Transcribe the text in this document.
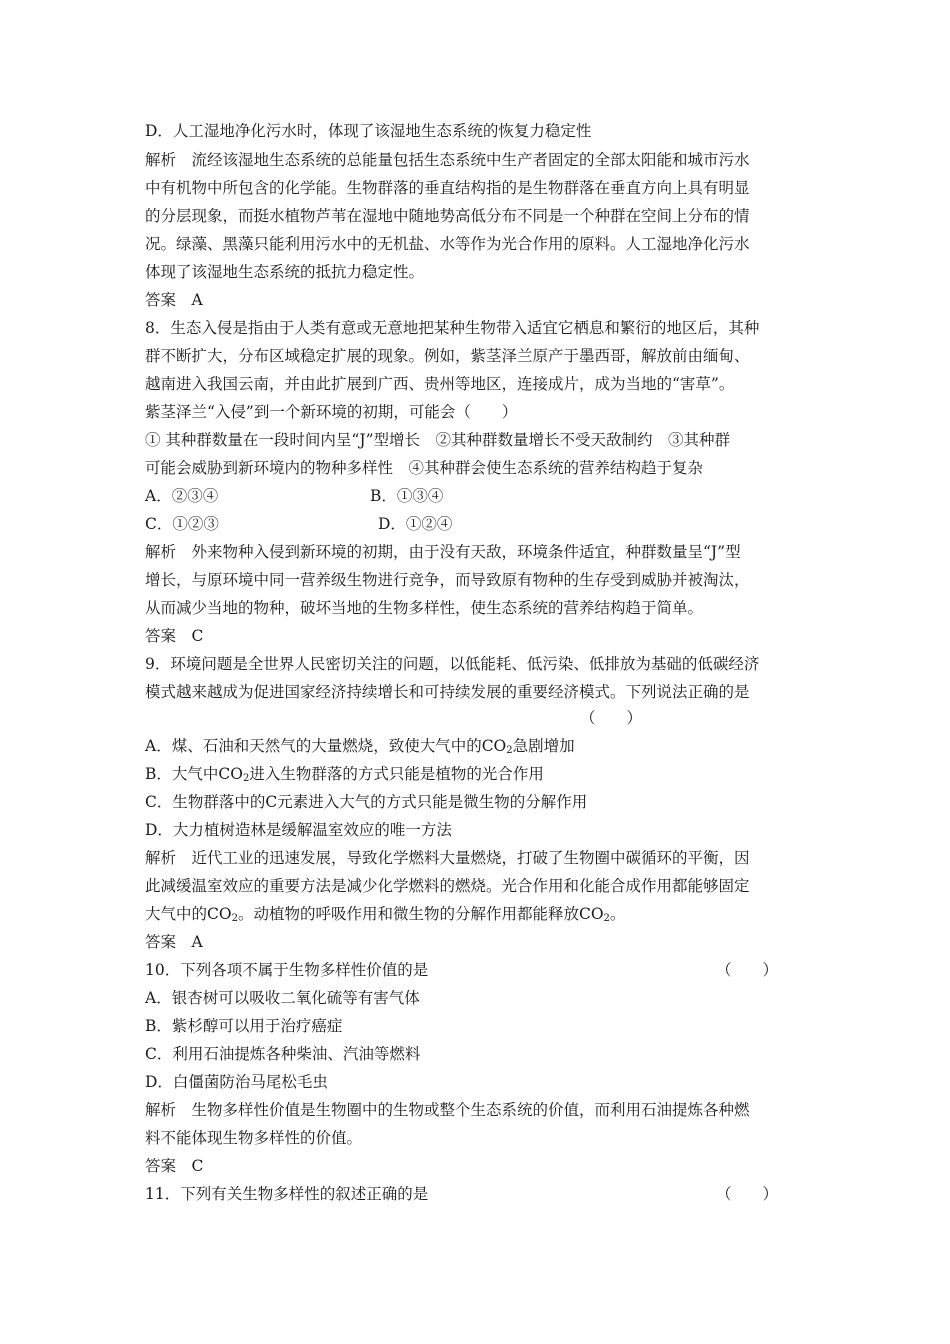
D．人工湿地净化污水时，体现了该湿地生态系统的恢复力稳定性
解析　流经该湿地生态系统的总能量包括生态系统中生产者固定的全部太阳能和城市污水
中有机物中所包含的化学能。生物群落的垂直结构指的是生物群落在垂直方向上具有明显
的分层现象，而挺水植物芦苇在湿地中随地势高低分布不同是一个种群在空间上分布的情
况。绿藻、黑藻只能利用污水中的无机盐、水等作为光合作用的原料。人工湿地净化污水
体现了该湿地生态系统的抵抗力稳定性。
答案　A
8．生态入侵是指由于人类有意或无意地把某种生物带入适宜它栖息和繁衍的地区后，其种
群不断扩大，分布区域稳定扩展的现象。例如，紫茎泽兰原产于墨西哥，解放前由缅甸、
越南进入我国云南，并由此扩展到广西、贵州等地区，连接成片，成为当地的“害草”。
紫茎泽兰“入侵”到一个新环境的初期，可能会（　　）
① 其种群数量在一段时间内呈“J”型增长　②其种群数量增长不受天敌制约　③其种群
可能会威胁到新环境内的物种多样性　④其种群会使生态系统的营养结构趋于复杂
A．②③④	B．①③④
C．①②③	D．①②④
解析　外来物种入侵到新环境的初期，由于没有天敌，环境条件适宜，种群数量呈“J”型
增长，与原环境中同一营养级生物进行竞争，而导致原有物种的生存受到威胁并被淘汰，
从而减少当地的物种，破坏当地的生物多样性，使生态系统的营养结构趋于简单。
答案　C
9．环境问题是全世界人民密切关注的问题，以低能耗、低污染、低排放为基础的低碳经济
模式越来越成为促进国家经济持续增长和可持续发展的重要经济模式。下列说法正确的是
（　　）
A．煤、石油和天然气的大量燃烧，致使大气中的$CO_2$急剧增加
B．大气中$CO_2$进入生物群落的方式只能是植物的光合作用
C．生物群落中的C元素进入大气的方式只能是微生物的分解作用
D．大力植树造林是缓解温室效应的唯一方法
解析　近代工业的迅速发展，导致化学燃料大量燃烧，打破了生物圈中碳循环的平衡，因
此减缓温室效应的重要方法是减少化学燃料的燃烧。光合作用和化能合成作用都能够固定
大气中的$CO_2$。动植物的呼吸作用和微生物的分解作用都能释放$CO_2$。
答案　A
10．下列各项不属于生物多样性价值的是	（　　）
A．银杏树可以吸收二氧化硫等有害气体
B．紫杉醇可以用于治疗癌症
C．利用石油提炼各种柴油、汽油等燃料
D．白僵菌防治马尾松毛虫
解析　生物多样性价值是生物圈中的生物或整个生态系统的价值，而利用石油提炼各种燃
料不能体现生物多样性的价值。
答案　C
11．下列有关生物多样性的叙述正确的是	（　　）
